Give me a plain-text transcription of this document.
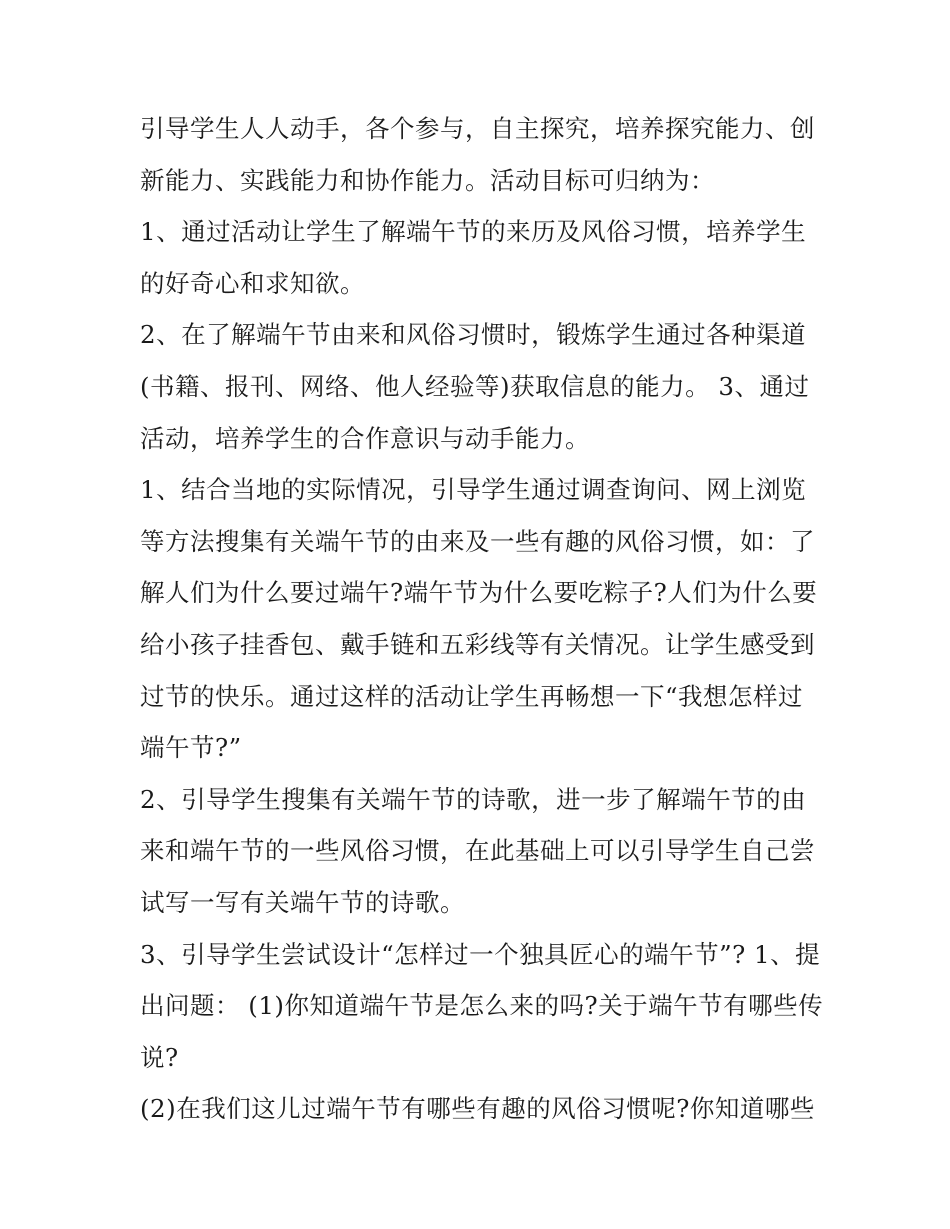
引导学生人人动手，各个参与，自主探究，培养探究能力、创
新能力、实践能力和协作能力。活动目标可归纳为：
1、通过活动让学生了解端午节的来历及风俗习惯，培养学生
的好奇心和求知欲。
2、在了解端午节由来和风俗习惯时，锻炼学生通过各种渠道
(书籍、报刊、网络、他人经验等)获取信息的能力。 3、通过
活动，培养学生的合作意识与动手能力。
1、结合当地的实际情况，引导学生通过调查询问、网上浏览
等方法搜集有关端午节的由来及一些有趣的风俗习惯，如：了
解人们为什么要过端午?端午节为什么要吃粽子?人们为什么要
给小孩子挂香包、戴手链和五彩线等有关情况。让学生感受到
过节的快乐。通过这样的活动让学生再畅想一下“我想怎样过
端午节?”
2、引导学生搜集有关端午节的诗歌，进一步了解端午节的由
来和端午节的一些风俗习惯，在此基础上可以引导学生自己尝
试写一写有关端午节的诗歌。
3、引导学生尝试设计“怎样过一个独具匠心的端午节”? 1、提
出问题： (1)你知道端午节是怎么来的吗?关于端午节有哪些传
说?
(2)在我们这儿过端午节有哪些有趣的风俗习惯呢?你知道哪些
